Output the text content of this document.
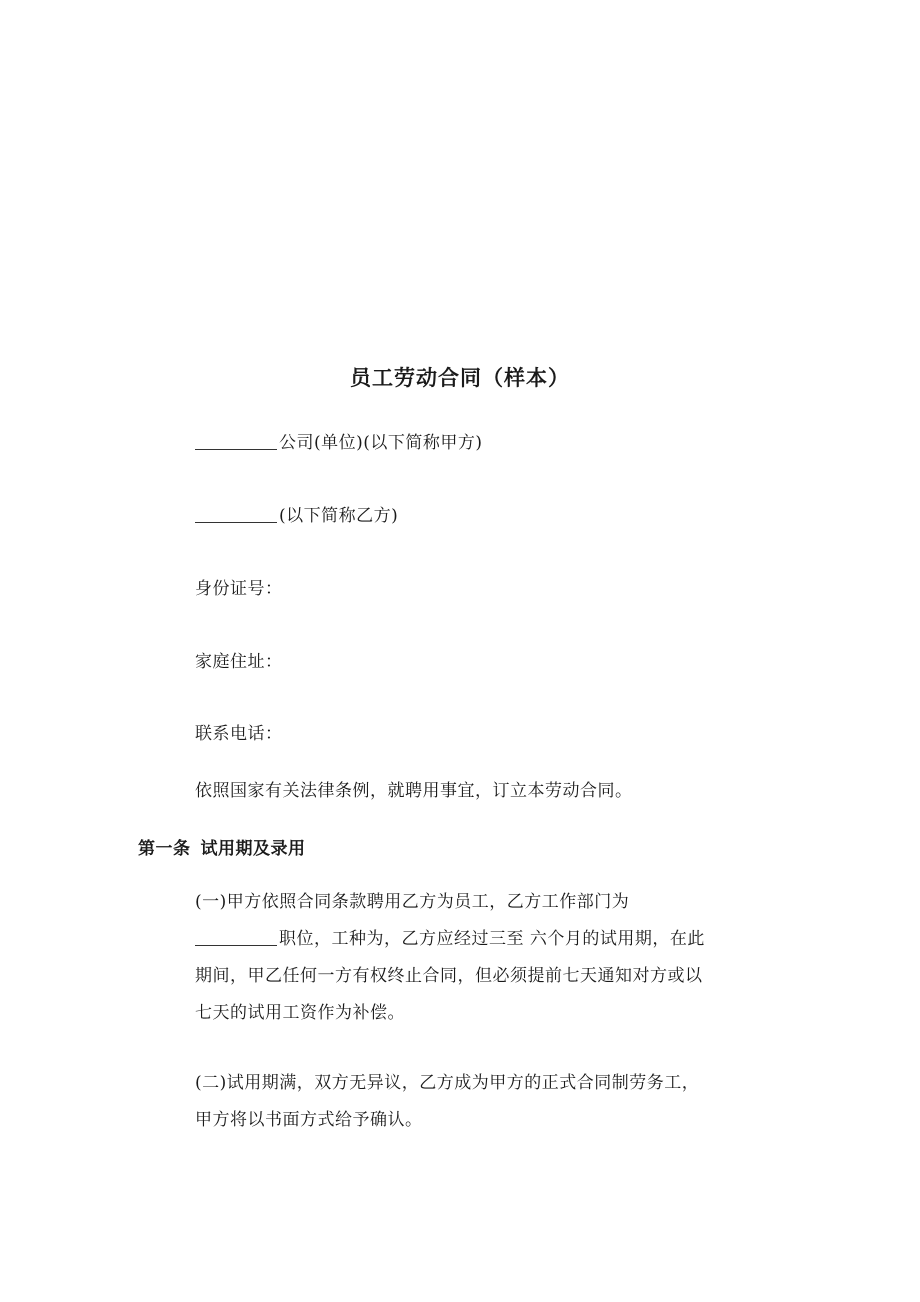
员工劳动合同（样本）
公司(单位)(以下简称甲方)
(以下简称乙方)
身份证号：
家庭住址：
联系电话：
依照国家有关法律条例，就聘用事宜，订立本劳动合同。
第一条 试用期及录用
(一)甲方依照合同条款聘用乙方为员工，乙方工作部门为
职位，工种为，乙方应经过三至 六个月的试用期，在此
期间，甲乙任何一方有权终止合同，但必须提前七天通知对方或以
七天的试用工资作为补偿。
(二)试用期满，双方无异议，乙方成为甲方的正式合同制劳务工，
甲方将以书面方式给予确认。
